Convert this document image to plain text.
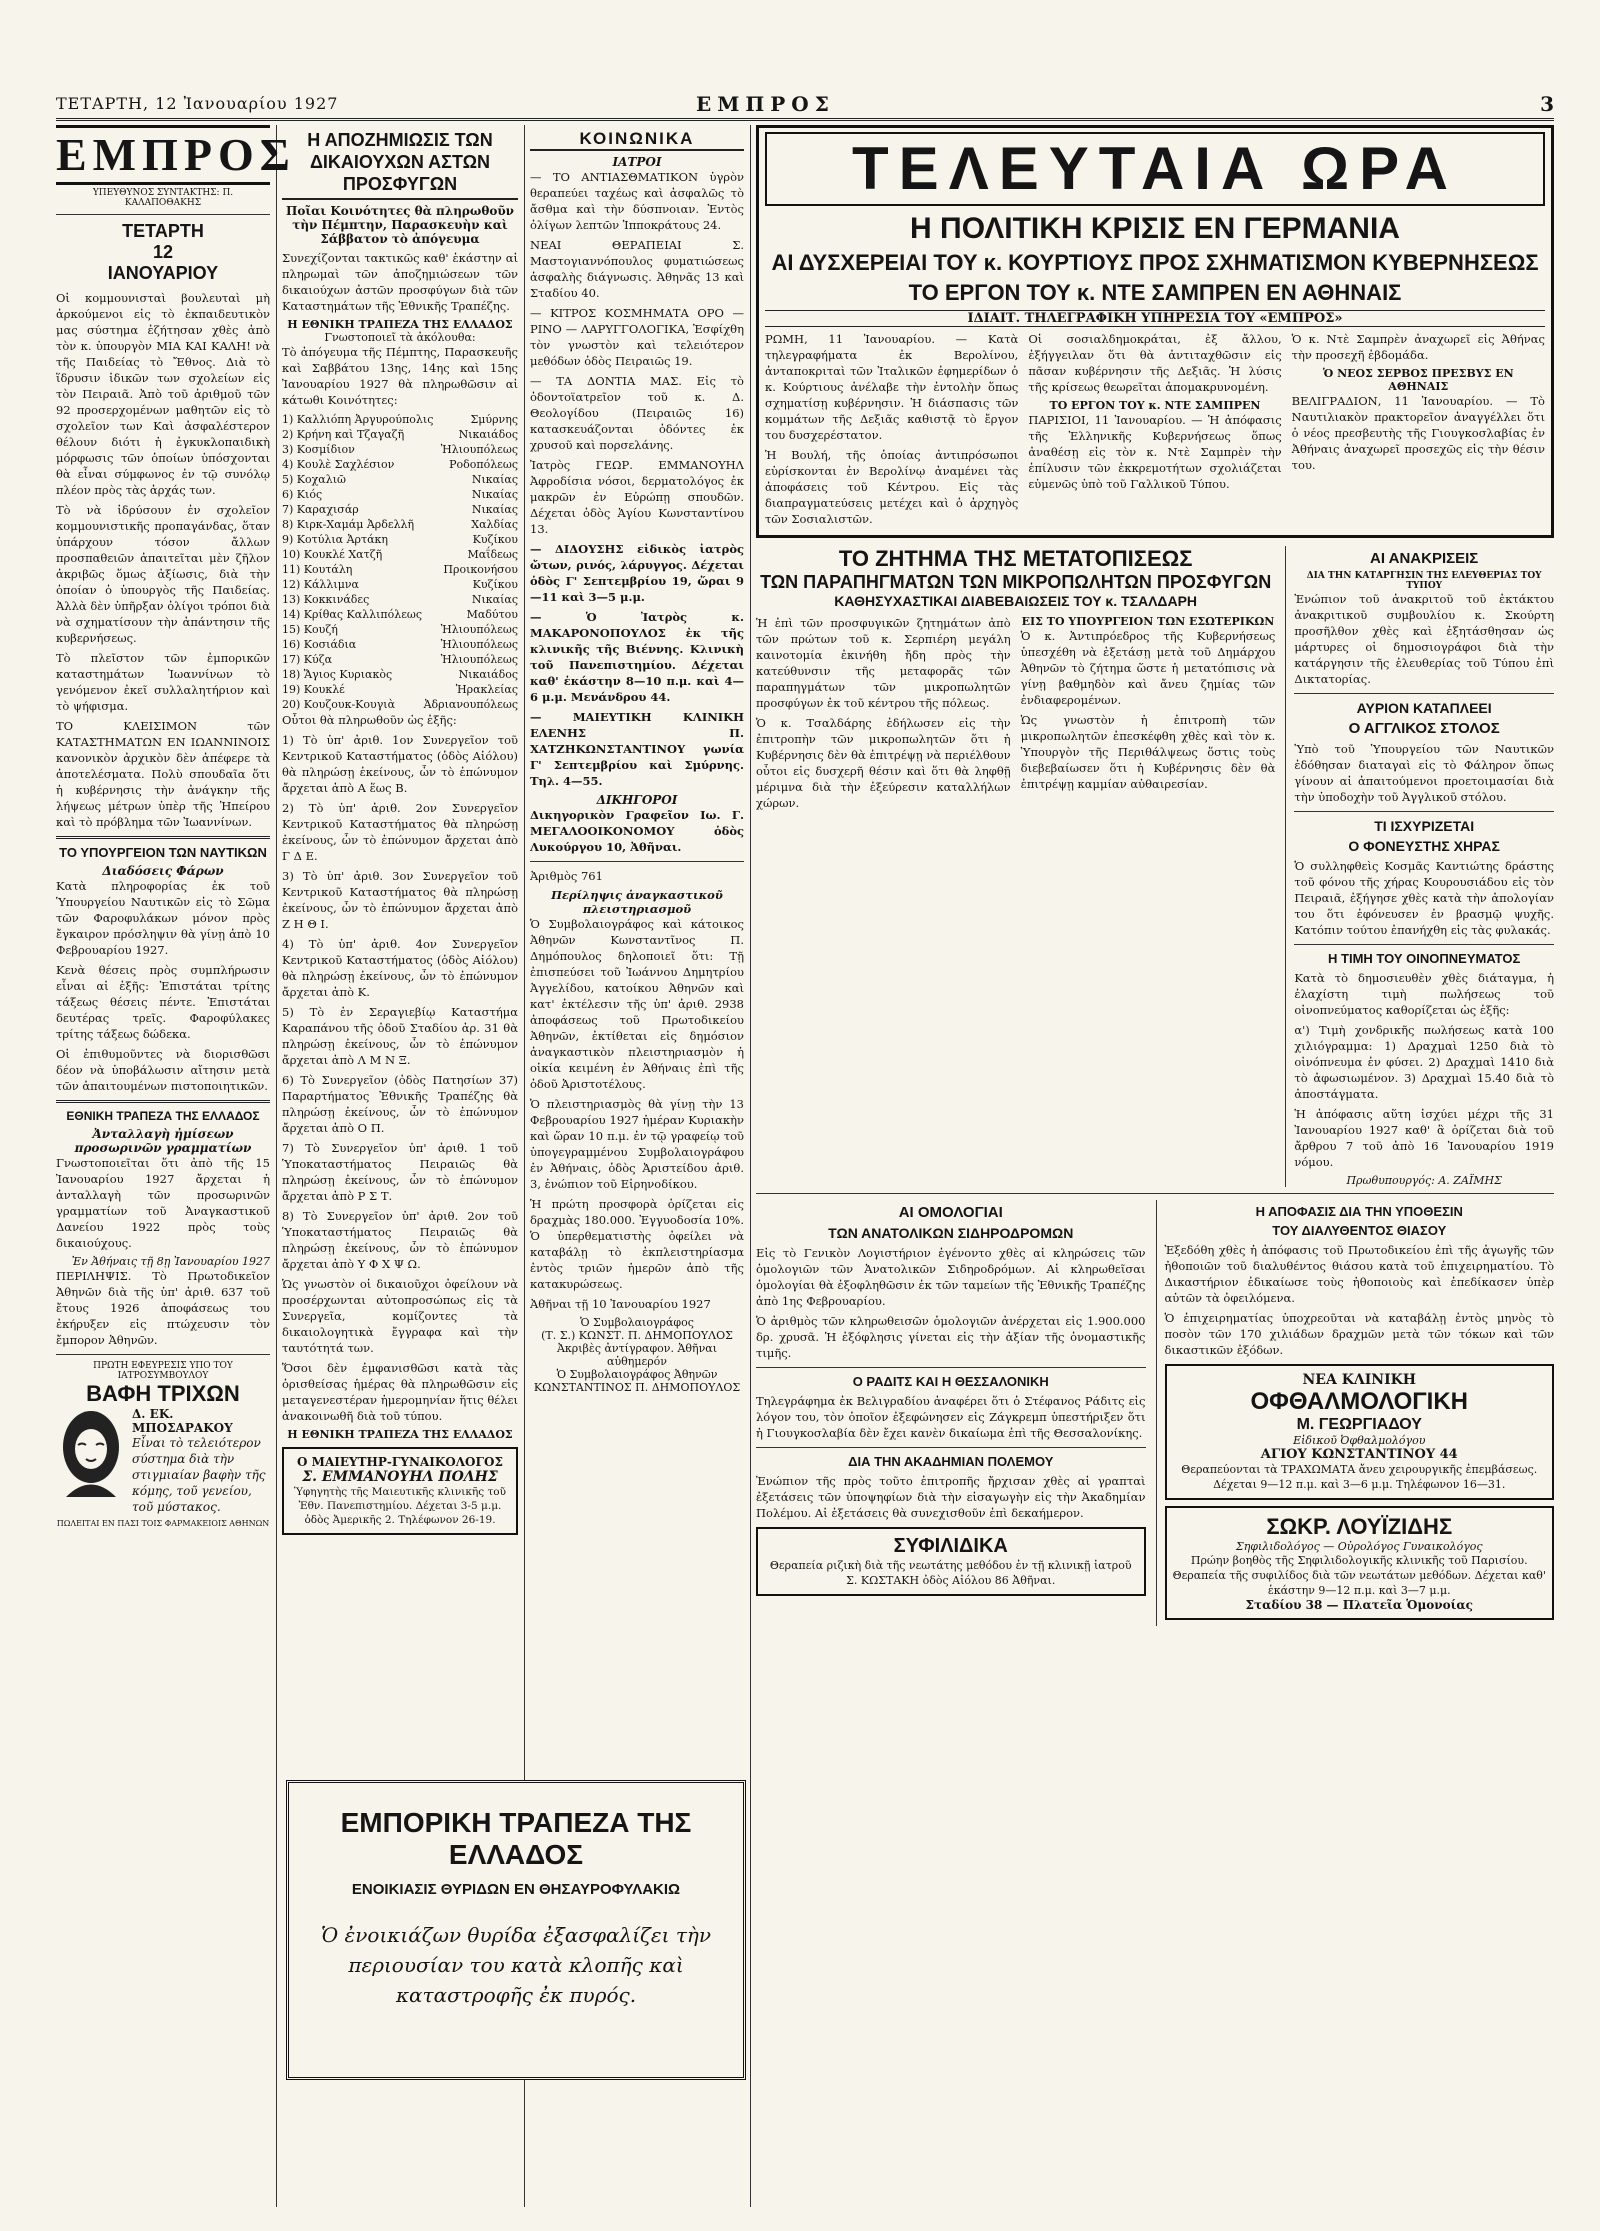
ΤΕΤΑΡΤΗ, 12 Ἰανουαρίου 1927	ΕΜΠΡΟΣ	3
ΕΜΠΡΟΣ
ΥΠΕΥΘΥΝΟΣ ΣΥΝΤΑΚΤΗΣ: Π. ΚΑΛΑΠΟΘΑΚΗΣ
ΤΕΤΑΡΤΗ
12
ΙΑΝΟΥΑΡΙΟΥ

Οἱ κομμουνισταὶ βουλευταὶ μὴ ἀρκούμενοι εἰς τὸ ἐκπαιδευτικὸν μας σύστημα ἐζήτησαν χθὲς ἀπὸ τὸν κ. ὑπουργὸν ΜΙΑ ΚΑΙ ΚΑΛΗ! νὰ τῆς Παιδείας τὸ Ἔθνος. Διὰ τὸ ἵδρυσιν ἰδικῶν των σχολείων εἰς τὸν Πειραιᾶ. Ἀπὸ τοῦ ἀριθμοῦ τῶν 92 προσερχομένων μαθητῶν εἰς τὸ σχολεῖον των Καὶ ἀσφαλέστερον θέλουν διότι ἡ ἐγκυκλοπαιδικὴ μόρφωσις τῶν ὁποίων ὑπόσχονται θὰ εἶναι σύμφωνος ἐν τῷ συνόλῳ πλέον πρὸς τὰς ἀρχάς των.

Τὸ νὰ ἱδρύσουν ἐν σχολεῖον κομμουνιστικῆς προπαγάνδας, ὅταν ὑπάρχουν τόσον ἄλλων προσπαθειῶν ἀπαιτεῖται μὲν ζῆλον ἀκριβῶς ὅμως ἀξίωσις, διὰ τὴν ὁποίαν ὁ ὑπουργὸς τῆς Παιδείας. Ἀλλὰ δὲν ὑπῆρξαν ὀλίγοι τρόποι διὰ νὰ σχηματίσουν τὴν ἀπάντησιν τῆς κυβερνήσεως.

Τὸ πλεῖστον τῶν ἐμπορικῶν καταστημάτων Ἰωαννίνων τὸ γενόμενον ἐκεῖ συλλαλητήριον καὶ τὸ ψήφισμα.

ΤΟ ΚΛΕΙΣΙΜΟΝ τῶν ΚΑΤΑΣΤΗΜΑΤΩΝ ΕΝ ΙΩΑΝΝΙΝΟΙΣ κανονικὸν ἀρχικὸν δὲν ἀπέφερε τὰ ἀποτελέσματα. Πολὺ σπουδαῖα ὅτι ἡ κυβέρνησις τὴν ἀνάγκην τῆς λήψεως μέτρων ὑπὲρ τῆς Ἠπείρου καὶ τὸ πρόβλημα τῶν Ἰωαννίνων.

ΤΟ ΥΠΟΥΡΓΕΙΟΝ ΤΩΝ ΝΑΥΤΙΚΩΝ
Διαδόσεις Φάρων

Κατὰ πληροφορίας ἐκ τοῦ Ὑπουργείου Ναυτικῶν εἰς τὸ Σῶμα τῶν Φαροφυλάκων μόνον πρὸς ἔγκαιρον πρόσληψιν θὰ γίνῃ ἀπὸ 10 Φεβρουαρίου 1927.

Κενὰ θέσεις πρὸς συμπλήρωσιν εἶναι αἱ ἑξῆς: Ἐπιστάται τρίτης τάξεως θέσεις πέντε. Ἐπιστάται δευτέρας τρεῖς. Φαροφύλακες τρίτης τάξεως δώδεκα.

Οἱ ἐπιθυμοῦντες νὰ διορισθῶσι δέον νὰ ὑποβάλωσιν αἴτησιν μετὰ τῶν ἀπαιτουμένων πιστοποιητικῶν.

ΕΘΝΙΚΗ ΤΡΑΠΕΖΑ ΤΗΣ ΕΛΛΑΔΟΣ
Ἀνταλλαγὴ ἠμίσεων προσωρινῶν γραμματίων

Γνωστοποιεῖται ὅτι ἀπὸ τῆς 15 Ἰανουαρίου 1927 ἄρχεται ἡ ἀνταλλαγὴ τῶν προσωρινῶν γραμματίων τοῦ Ἀναγκαστικοῦ Δανείου 1922 πρὸς τοὺς δικαιούχους.

Ἐν Ἀθήναις τῇ 8ῃ Ἰανουαρίου 1927

ΠΕΡΙΛΗΨΙΣ. Τὸ Πρωτοδικεῖον Ἀθηνῶν διὰ τῆς ὑπ' ἀριθ. 637 τοῦ ἔτους 1926 ἀποφάσεως του ἐκήρυξεν εἰς πτώχευσιν τὸν ἔμπορον Ἀθηνῶν.

ΠΡΩΤΗ ΕΦΕΥΡΕΣΙΣ ΥΠΟ ΤΟΥ ΙΑΤΡΟΣΥΜΒΟΥΛΟΥ
ΒΑΦΗ ΤΡΙΧΩΝ
Δ. ΕΚ. ΜΠΟΣΑΡΑΚΟΥ
Εἶναι τὸ τελειότερον σύστημα διὰ τὴν στιγμιαίαν βαφὴν τῆς κόμης, τοῦ γενείου, τοῦ μύστακος.
ΠΩΛΕΙΤΑΙ ΕΝ ΠΑΣΙ ΤΟΙΣ ΦΑΡΜΑΚΕΙΟΙΣ ΑΘΗΝΩΝ
Η ΑΠΟΖΗΜΙΩΣΙΣ ΤΩΝ ΔΙΚΑΙΟΥΧΩΝ ΑΣΤΩΝ ΠΡΟΣΦΥΓΩΝ
Ποῖαι Κοινότητες θὰ πληρωθοῦν τὴν Πέμπτην, Παρασκευὴν καὶ Σάββατον τὸ ἀπόγευμα

Συνεχίζονται τακτικῶς καθ' ἑκάστην αἱ πληρωμαὶ τῶν ἀποζημιώσεων τῶν δικαιούχων ἀστῶν προσφύγων διὰ τῶν Καταστημάτων τῆς Ἐθνικῆς Τραπέζης.

Η ΕΘΝΙΚΗ ΤΡΑΠΕΖΑ ΤΗΣ ΕΛΛΑΔΟΣ
Γνωστοποιεῖ τὰ ἀκόλουθα:

Τὸ ἀπόγευμα τῆς Πέμπτης, Παρασκευῆς καὶ Σαββάτου 13ης, 14ης καὶ 15ης Ἰανουαρίου 1927 θὰ πληρωθῶσιν αἱ κάτωθι Κοινότητες:

1) Καλλιόπη Ἀργυρούπολις	Σμύρνης
2) Κρήνη καὶ Τζαγαζῆ	Νικαιάδος
3) Κοσμίδιον	Ἠλιουπόλεως
4) Κουλὲ Σαχλέσιον	Ροδοπόλεως
5) Κοχαλιῶ	Νικαίας
6) Κιός	Νικαίας
7) Καραχισάρ	Νικαίας
8) Κιρκ-Χαμάμ Ἀρδελλῆ	Χαλδίας
9) Κοτύλια Ἀρτάκη	Κυζίκου
10) Κουκλέ Χατζῆ	Μαΐδεως
11) Κουτάλη	Προικονήσου
12) Κάλλιμνα	Κυζίκου
13) Κοκκινάδες	Νικαίας
14) Κρίθας Καλλιπόλεως	Μαδύτου
15) Κουζή	Ἠλιουπόλεως
16) Κοσιάδια	Ἠλιουπόλεως
17) Κύζα	Ἠλιουπόλεως
18) Ἅγιος Κυριακὸς	Νικαιάδος
19) Κουκλέ	Ἡρακλείας
20) Κουζουκ-Κουγιὰ	Ἀδριανουπόλεως

Οὗτοι θὰ πληρωθοῦν ὡς ἑξῆς:

1) Τὸ ὑπ' ἀριθ. 1ον Συνεργεῖον τοῦ Κεντρικοῦ Καταστήματος (ὁδὸς Αἰόλου) θὰ πληρώσῃ ἐκείνους, ὧν τὸ ἐπώνυμον ἄρχεται ἀπὸ Α ἕως Β.

2) Τὸ ὑπ' ἀριθ. 2ον Συνεργεῖον Κεντρικοῦ Καταστήματος θὰ πληρώσῃ ἐκείνους, ὧν τὸ ἐπώνυμον ἄρχεται ἀπὸ Γ Δ Ε.

3) Τὸ ὑπ' ἀριθ. 3ον Συνεργεῖον τοῦ Κεντρικοῦ Καταστήματος θὰ πληρώσῃ ἐκείνους, ὧν τὸ ἐπώνυμον ἄρχεται ἀπὸ Ζ Η Θ Ι.

4) Τὸ ὑπ' ἀριθ. 4ον Συνεργεῖον Κεντρικοῦ Καταστήματος (ὁδὸς Αἰόλου) θὰ πληρώσῃ ἐκείνους, ὧν τὸ ἐπώνυμον ἄρχεται ἀπὸ Κ.

5) Τὸ ἐν Σεραγιεβίῳ Καταστήμα Καραπάνου τῆς ὁδοῦ Σταδίου ἀρ. 31 θὰ πληρώσῃ ἐκείνους, ὧν τὸ ἐπώνυμον ἄρχεται ἀπὸ Λ Μ Ν Ξ.

6) Τὸ Συνεργεῖον (ὁδὸς Πατησίων 37) Παραρτήματος Ἐθνικῆς Τραπέζης θὰ πληρώσῃ ἐκείνους, ὧν τὸ ἐπώνυμον ἄρχεται ἀπὸ Ο Π.

7) Τὸ Συνεργεῖον ὑπ' ἀριθ. 1 τοῦ Ὑποκαταστήματος Πειραιῶς θὰ πληρώσῃ ἐκείνους, ὧν τὸ ἐπώνυμον ἄρχεται ἀπὸ Ρ Σ Τ.

8) Τὸ Συνεργεῖον ὑπ' ἀριθ. 2ον τοῦ Ὑποκαταστήματος Πειραιῶς θὰ πληρώσῃ ἐκείνους, ὧν τὸ ἐπώνυμον ἄρχεται ἀπὸ Υ Φ Χ Ψ Ω.

Ὡς γνωστὸν οἱ δικαιοῦχοι ὀφείλουν νὰ προσέρχωνται αὐτοπροσώπως εἰς τὰ Συνεργεῖα, κομίζοντες τὰ δικαιολογητικὰ ἔγγραφα καὶ τὴν ταυτότητά των.

Ὅσοι δὲν ἐμφανισθῶσι κατὰ τὰς ὁρισθείσας ἡμέρας θὰ πληρωθῶσιν εἰς μεταγενεστέραν ἡμερομηνίαν ἥτις θέλει ἀνακοινωθῆ διὰ τοῦ τύπου.

Η ΕΘΝΙΚΗ ΤΡΑΠΕΖΑ ΤΗΣ ΕΛΛΑΔΟΣ
Ο ΜΑΙΕΥΤΗΡ-ΓΥΝΑΙΚΟΛΟΓΟΣ
Σ. ΕΜΜΑΝΟΥΗΛ ΠΟΛΗΣ
Ὑφηγητὴς τῆς Μαιευτικῆς κλινικῆς τοῦ Ἐθν. Πανεπιστημίου. Δέχεται 3-5 μ.μ. ὁδὸς Ἀμερικῆς 2. Τηλέφωνον 26-19.
ΕΜΠΟΡΙΚΗ ΤΡΑΠΕΖΑ ΤΗΣ ΕΛΛΑΔΟΣ
ΕΝΟΙΚΙΑΣΙΣ ΘΥΡΙΔΩΝ ΕΝ ΘΗΣΑΥΡΟΦΥΛΑΚΙΩ
Ὁ ἐνοικιάζων θυρίδα ἐξασφαλίζει τὴν περιουσίαν του κατὰ κλοπῆς καὶ καταστροφῆς ἐκ πυρός.
ΚΟΙΝΩΝΙΚΑ
ΙΑΤΡΟΙ

— ΤΟ ΑΝΤΙΑΣΘΜΑΤΙΚΟΝ ὑγρὸν θεραπεύει ταχέως καὶ ἀσφαλῶς τὸ ἄσθμα καὶ τὴν δύσπνοιαν. Ἐντὸς ὀλίγων λεπτῶν Ἱπποκράτους 24.

ΝΕΑΙ ΘΕΡΑΠΕΙΑΙ Σ. Μαστογιαννόπουλος φυματιώσεως ἀσφαλὴς διάγνωσις. Ἀθηνᾶς 13 καὶ Σταδίου 40.

— ΚΙΤΡΟΣ ΚΟΣΜΗΜΑΤΑ ΟΡΟ — ΡΙΝΟ — ΛΑΡΥΓΓΟΛΟΓΙΚΑ, Ἐσφίχθη τὸν γνωστὸν καὶ τελειότερον μεθόδων ὁδὸς Πειραιῶς 19.

— ΤΑ ΔΟΝΤΙΑ ΜΑΣ. Εἰς τὸ ὀδοντοϊατρεῖον τοῦ κ. Δ. Θεολογίδου (Πειραιῶς 16) κατασκευάζονται ὀδόντες ἐκ χρυσοῦ καὶ πορσελάνης.

Ἰατρὸς ΓΕΩΡ. ΕΜΜΑΝΟΥΗΛ Ἀφροδίσια νόσοι, δερματολόγος ἐκ μακρῶν ἐν Εὐρώπῃ σπουδῶν. Δέχεται ὁδὸς Ἁγίου Κωνσταντίνου 13.

— ΔΙΔΟΥΣΗΣ εἰδικὸς ἰατρὸς ὤτων, ρινός, λάρυγγος. Δέχεται ὁδὸς Γ' Σεπτεμβρίου 19, ὥραι 9—11 καὶ 3—5 μ.μ.

— Ὁ Ἰατρὸς κ. ΜΑΚΑΡΟΝΟΠΟΥΛΟΣ ἐκ τῆς κλινικῆς τῆς Βιέννης. Κλινικὴ τοῦ Πανεπιστημίου. Δέχεται καθ' ἑκάστην 8—10 π.μ. καὶ 4—6 μ.μ. Μενάνδρου 44.

— ΜΑΙΕΥΤΙΚΗ ΚΛΙΝΙΚΗ ΕΛΕΝΗΣ Π. ΧΑΤΖΗΚΩΝΣΤΑΝΤΙΝΟΥ γωνία Γ' Σεπτεμβρίου καὶ Σμύρνης. Τηλ. 4—55.

ΔΙΚΗΓΟΡΟΙ

Δικηγορικὸν Γραφεῖον Ιω. Γ. ΜΕΓΑΛΟΟΙΚΟΝΟΜΟΥ ὁδὸς Λυκούργου 10, Ἀθῆναι.

Ἀριθμὸς 761

Περίληψις ἀναγκαστικοῦ πλειστηριασμοῦ

Ὁ Συμβολαιογράφος καὶ κάτοικος Ἀθηνῶν Κωνσταντῖνος Π. Δημόπουλος δηλοποιεῖ ὅτι: Τῇ ἐπισπεύσει τοῦ Ἰωάννου Δημητρίου Ἀγγελίδου, κατοίκου Ἀθηνῶν καὶ κατ' ἐκτέλεσιν τῆς ὑπ' ἀριθ. 2938 ἀποφάσεως τοῦ Πρωτοδικείου Ἀθηνῶν, ἐκτίθεται εἰς δημόσιον ἀναγκαστικὸν πλειστηριασμὸν ἡ οἰκία κειμένη ἐν Ἀθήναις ἐπὶ τῆς ὁδοῦ Ἀριστοτέλους.

Ὁ πλειστηριασμὸς θὰ γίνῃ τὴν 13 Φεβρουαρίου 1927 ἡμέραν Κυριακὴν καὶ ὥραν 10 π.μ. ἐν τῷ γραφείῳ τοῦ ὑπογεγραμμένου Συμβολαιογράφου ἐν Ἀθήναις, ὁδὸς Ἀριστείδου ἀριθ. 3, ἐνώπιον τοῦ Εἰρηνοδίκου.

Ἡ πρώτη προσφορὰ ὁρίζεται εἰς δραχμὰς 180.000. Ἐγγυοδοσία 10%. Ὁ ὑπερθεματιστὴς ὀφείλει νὰ καταβάλῃ τὸ ἐκπλειστηρίασμα ἐντὸς τριῶν ἡμερῶν ἀπὸ τῆς κατακυρώσεως.

Ἀθῆναι τῇ 10 Ἰανουαρίου 1927

Ὁ Συμβολαιογράφος
(Τ. Σ.) ΚΩΝΣΤ. Π. ΔΗΜΟΠΟΥΛΟΣ
Ἀκριβὲς ἀντίγραφον. Ἀθῆναι αὐθημερόν
Ὁ Συμβολαιογράφος Ἀθηνῶν
ΚΩΝΣΤΑΝΤΙΝΟΣ Π. ΔΗΜΟΠΟΥΛΟΣ
ΤΕΛΕΥΤΑΙΑ ΩΡΑ
Η ΠΟΛΙΤΙΚΗ ΚΡΙΣΙΣ ΕΝ ΓΕΡΜΑΝΙΑ
ΑΙ ΔΥΣΧΕΡΕΙΑΙ ΤΟΥ κ. ΚΟΥΡΤΙΟΥΣ ΠΡΟΣ ΣΧΗΜΑΤΙΣΜΟΝ ΚΥΒΕΡΝΗΣΕΩΣ
ΤΟ ΕΡΓΟΝ ΤΟΥ κ. ΝΤΕ ΣΑΜΠΡΕΝ ΕΝ ΑΘΗΝΑΙΣ
ΙΔΙΑΙΤ. ΤΗΛΕΓΡΑΦΙΚΗ ΥΠΗΡΕΣΙΑ ΤΟΥ «ΕΜΠΡΟΣ»

ΡΩΜΗ, 11 Ἰανουαρίου. — Κατὰ τηλεγραφήματα ἐκ Βερολίνου, ἀνταποκριταὶ τῶν Ἰταλικῶν ἐφημερίδων ὁ κ. Κούρτιους ἀνέλαβε τὴν ἐντολὴν ὅπως σχηματίσῃ κυβέρνησιν. Ἡ διάσπασις τῶν κομμάτων τῆς Δεξιᾶς καθιστᾷ τὸ ἔργον του δυσχερέστατον.

Ἡ Βουλή, τῆς ὁποίας ἀντιπρόσωποι εὑρίσκονται ἐν Βερολίνῳ ἀναμένει τὰς ἀποφάσεις τοῦ Κέντρου. Εἰς τὰς διαπραγματεύσεις μετέχει καὶ ὁ ἀρχηγὸς τῶν Σοσιαλιστῶν.

Οἱ σοσιαλδημοκράται, ἐξ ἄλλου, ἐξήγγειλαν ὅτι θὰ ἀντιταχθῶσιν εἰς πᾶσαν κυβέρνησιν τῆς Δεξιᾶς. Ἡ λύσις τῆς κρίσεως θεωρεῖται ἀπομακρυνομένη.

ΤΟ ΕΡΓΟΝ ΤΟΥ κ. ΝΤΕ ΣΑΜΠΡΕΝ

ΠΑΡΙΣΙΟΙ, 11 Ἰανουαρίου. — Ἡ ἀπόφασις τῆς Ἑλληνικῆς Κυβερνήσεως ὅπως ἀναθέσῃ εἰς τὸν κ. Ντὲ Σαμπρὲν τὴν ἐπίλυσιν τῶν ἐκκρεμοτήτων σχολιάζεται εὐμενῶς ὑπὸ τοῦ Γαλλικοῦ Τύπου.

Ὁ κ. Ντὲ Σαμπρὲν ἀναχωρεῖ εἰς Ἀθήνας τὴν προσεχῆ ἑβδομάδα.

Ὁ ΝΕΟΣ ΣΕΡΒΟΣ ΠΡΕΣΒΥΣ ΕΝ ΑΘΗΝΑΙΣ

ΒΕΛΙΓΡΑΔΙΟΝ, 11 Ἰανουαρίου. — Τὸ Ναυτιλιακὸν πρακτορεῖον ἀναγγέλλει ὅτι ὁ νέος πρεσβευτὴς τῆς Γιουγκοσλαβίας ἐν Ἀθήναις ἀναχωρεῖ προσεχῶς εἰς τὴν θέσιν του.

ΤΟ ΖΗΤΗΜΑ ΤΗΣ ΜΕΤΑΤΟΠΙΣΕΩΣ
ΤΩΝ ΠΑΡΑΠΗΓΜΑΤΩΝ ΤΩΝ ΜΙΚΡΟΠΩΛΗΤΩΝ ΠΡΟΣΦΥΓΩΝ
ΚΑΘΗΣΥΧΑΣΤΙΚΑΙ ΔΙΑΒΕΒΑΙΩΣΕΙΣ ΤΟΥ κ. ΤΣΑΛΔΑΡΗ

Ἡ ἐπὶ τῶν προσφυγικῶν ζητημάτων ἀπὸ τῶν πρώτων τοῦ κ. Σερπιέρη μεγάλη καινοτομία ἐκινήθη ἤδη πρὸς τὴν κατεύθυνσιν τῆς μεταφορᾶς τῶν παραπηγμάτων τῶν μικροπωλητῶν προσφύγων ἐκ τοῦ κέντρου τῆς πόλεως.

Ὁ κ. Τσαλδάρης ἐδήλωσεν εἰς τὴν ἐπιτροπὴν τῶν μικροπωλητῶν ὅτι ἡ Κυβέρνησις δὲν θὰ ἐπιτρέψῃ νὰ περιέλθουν οὗτοι εἰς δυσχερῆ θέσιν καὶ ὅτι θὰ ληφθῇ μέριμνα διὰ τὴν ἐξεύρεσιν καταλλήλων χώρων.

ΕΙΣ ΤΟ ΥΠΟΥΡΓΕΙΟΝ ΤΩΝ ΕΣΩΤΕΡΙΚΩΝ

Ὁ κ. Ἀντιπρόεδρος τῆς Κυβερνήσεως ὑπεσχέθη νὰ ἐξετάσῃ μετὰ τοῦ Δημάρχου Ἀθηνῶν τὸ ζήτημα ὥστε ἡ μετατόπισις νὰ γίνῃ βαθμηδὸν καὶ ἄνευ ζημίας τῶν ἐνδιαφερομένων.

Ὡς γνωστὸν ἡ ἐπιτροπὴ τῶν μικροπωλητῶν ἐπεσκέφθη χθὲς καὶ τὸν κ. Ὑπουργὸν τῆς Περιθάλψεως ὅστις τοὺς διεβεβαίωσεν ὅτι ἡ Κυβέρνησις δὲν θὰ ἐπιτρέψῃ καμμίαν αὐθαιρεσίαν.

ΑΙ ΑΝΑΚΡΙΣΕΙΣ
ΔΙΑ ΤΗΝ ΚΑΤΑΡΓΗΣΙΝ ΤΗΣ ΕΛΕΥΘΕΡΙΑΣ ΤΟΥ ΤΥΠΟΥ

Ἐνώπιον τοῦ ἀνακριτοῦ τοῦ ἐκτάκτου ἀνακριτικοῦ συμβουλίου κ. Σκούρτη προσῆλθον χθὲς καὶ ἐξητάσθησαν ὡς μάρτυρες οἱ δημοσιογράφοι διὰ τὴν κατάργησιν τῆς ἐλευθερίας τοῦ Τύπου ἐπὶ Δικτατορίας.

ΑΥΡΙΟΝ ΚΑΤΑΠΛΕΕΙ
Ο ΑΓΓΛΙΚΟΣ ΣΤΟΛΟΣ

Ὑπὸ τοῦ Ὑπουργείου τῶν Ναυτικῶν ἐδόθησαν διαταγαὶ εἰς τὸ Φάληρον ὅπως γίνουν αἱ ἀπαιτούμενοι προετοιμασίαι διὰ τὴν ὑποδοχὴν τοῦ Ἀγγλικοῦ στόλου.

ΤΙ ΙΣΧΥΡΙΖΕΤΑΙ
Ο ΦΟΝΕΥΣΤΗΣ ΧΗΡΑΣ

Ὁ συλληφθεὶς Κοσμᾶς Καντιώτης δράστης τοῦ φόνου τῆς χήρας Κουρουσιάδου εἰς τὸν Πειραιᾶ, ἐξήγησε χθὲς κατὰ τὴν ἀπολογίαν του ὅτι ἐφόνευσεν ἐν βρασμῷ ψυχῆς. Κατόπιν τούτου ἐπανήχθη εἰς τὰς φυλακάς.

Η ΤΙΜΗ ΤΟΥ ΟΙΝΟΠΝΕΥΜΑΤΟΣ

Κατὰ τὸ δημοσιευθὲν χθὲς διάταγμα, ἡ ἐλαχίστη τιμὴ πωλήσεως τοῦ οἰνοπνεύματος καθορίζεται ὡς ἑξῆς:

α') Τιμὴ χονδρικῆς πωλήσεως κατὰ 100 χιλιόγραμμα: 1) Δραχμαὶ 1250 διὰ τὸ οἰνόπνευμα ἐν φύσει. 2) Δραχμαὶ 1410 διὰ τὸ ἀφωσιωμένον. 3) Δραχμαὶ 15.40 διὰ τὸ ἀποστάγματα.

Ἡ ἀπόφασις αὕτη ἰσχύει μέχρι τῆς 31 Ἰανουαρίου 1927 καθ' ἃ ὁρίζεται διὰ τοῦ ἄρθρου 7 τοῦ ἀπὸ 16 Ἰανουαρίου 1919 νόμου.

Πρωθυπουργός: Α. ΖΑΪΜΗΣ
ΑΙ ΟΜΟΛΟΓΙΑΙ
ΤΩΝ ΑΝΑΤΟΛΙΚΩΝ ΣΙΔΗΡΟΔΡΟΜΩΝ

Εἰς τὸ Γενικὸν Λογιστήριον ἐγένοντο χθὲς αἱ κληρώσεις τῶν ὁμολογιῶν τῶν Ἀνατολικῶν Σιδηροδρόμων. Αἱ κληρωθεῖσαι ὁμολογίαι θὰ ἐξοφληθῶσιν ἐκ τῶν ταμείων τῆς Ἐθνικῆς Τραπέζης ἀπὸ 1ης Φεβρουαρίου.

Ὁ ἀριθμὸς τῶν κληρωθεισῶν ὁμολογιῶν ἀνέρχεται εἰς 1.900.000 δρ. χρυσᾶ. Ἡ ἐξόφλησις γίνεται εἰς τὴν ἀξίαν τῆς ὀνομαστικῆς τιμῆς.

Ο ΡΑΔΙΤΣ ΚΑΙ Η ΘΕΣΣΑΛΟΝΙΚΗ

Τηλεγράφημα ἐκ Βελιγραδίου ἀναφέρει ὅτι ὁ Στέφανος Ράδιτς εἰς λόγον του, τὸν ὁποῖον ἐξεφώνησεν εἰς Ζάγκρεμπ ὑπεστήριξεν ὅτι ἡ Γιουγκοσλαβία δὲν ἔχει κανὲν δικαίωμα ἐπὶ τῆς Θεσσαλονίκης.

ΔΙΑ ΤΗΝ ΑΚΑΔΗΜΙΑΝ ΠΟΛΕΜΟΥ

Ἐνώπιον τῆς πρὸς τοῦτο ἐπιτροπῆς ἤρχισαν χθὲς αἱ γραπταὶ ἐξετάσεις τῶν ὑποψηφίων διὰ τὴν εἰσαγωγὴν εἰς τὴν Ἀκαδημίαν Πολέμου. Αἱ ἐξετάσεις θὰ συνεχισθοῦν ἐπὶ δεκαήμερον.

ΣΥΦΙΛΙΔΙΚΑ
Θεραπεία ριζικὴ διὰ τῆς νεωτάτης μεθόδου ἐν τῇ κλινικῇ ἰατροῦ Σ. ΚΩΣΤΑΚΗ ὁδὸς Αἰόλου 86 Ἀθῆναι.
Η ΑΠΟΦΑΣΙΣ ΔΙΑ ΤΗΝ ΥΠΟΘΕΣΙΝ
ΤΟΥ ΔΙΑΛΥΘΕΝΤΟΣ ΘΙΑΣΟΥ

Ἐξεδόθη χθὲς ἡ ἀπόφασις τοῦ Πρωτοδικείου ἐπὶ τῆς ἀγωγῆς τῶν ἠθοποιῶν τοῦ διαλυθέντος θιάσου κατὰ τοῦ ἐπιχειρηματίου. Τὸ Δικαστήριον ἐδικαίωσε τοὺς ἠθοποιοὺς καὶ ἐπεδίκασεν ὑπὲρ αὐτῶν τὰ ὀφειλόμενα.

Ὁ ἐπιχειρηματίας ὑποχρεοῦται νὰ καταβάλῃ ἐντὸς μηνὸς τὸ ποσὸν τῶν 170 χιλιάδων δραχμῶν μετὰ τῶν τόκων καὶ τῶν δικαστικῶν ἐξόδων.

ΝΕΑ ΚΛΙΝΙΚΗ
ΟΦΘΑΛΜΟΛΟΓΙΚΗ
Μ. ΓΕΩΡΓΙΑΔΟΥ
Εἰδικοῦ Ὀφθαλμολόγου
ΑΓΙΟΥ ΚΩΝΣΤΑΝΤΙΝΟΥ 44
Θεραπεύονται τὰ ΤΡΑΧΩΜΑΤΑ ἄνευ χειρουργικῆς ἐπεμβάσεως. Δέχεται 9—12 π.μ. καὶ 3—6 μ.μ. Τηλέφωνον 16—31.
ΣΩΚΡ. ΛΟΥΪΖΙΔΗΣ
Σηφιλιδολόγος — Οὐρολόγος Γυναικολόγος
Πρώην βοηθὸς τῆς Σηφιλιδολογικῆς κλινικῆς τοῦ Παρισίου. Θεραπεία τῆς συφιλίδος διὰ τῶν νεωτάτων μεθόδων. Δέχεται καθ' ἑκάστην 9—12 π.μ. καὶ 3—7 μ.μ.
Σταδίου 38 — Πλατεῖα Ὁμονοίας
